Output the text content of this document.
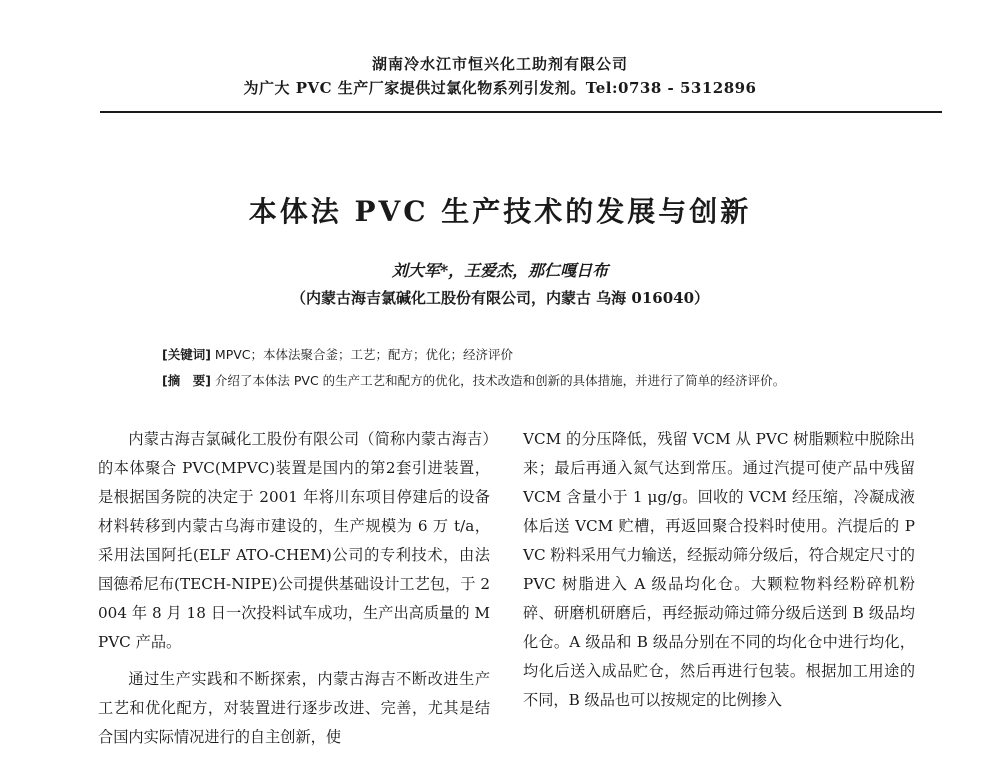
湖南冷水江市恒兴化工助剂有限公司
为广大 PVC 生产厂家提供过氯化物系列引发剂。Tel:0738 - 5312896
本体法 PVC 生产技术的发展与创新
刘大军*，王爱杰，那仁嘎日布
（内蒙古海吉氯碱化工股份有限公司，内蒙古 乌海 016040）
[关键词] MPVC；本体法聚合釜；工艺；配方；优化；经济评价
[摘　要] 介绍了本体法 PVC 的生产工艺和配方的优化，技术改造和创新的具体措施，并进行了简单的经济评价。

内蒙古海吉氯碱化工股份有限公司（简称内蒙古海吉）的本体聚合 PVC(MPVC)装置是国内的第2套引进装置，是根据国务院的决定于 2001 年将川东项目停建后的设备材料转移到内蒙古乌海市建设的，生产规模为 6 万 t/a，采用法国阿托(ELF ATO-CHEM)公司的专利技术，由法国德希尼布(TECH-NIPE)公司提供基础设计工艺包，于 2004 年 8 月 18 日一次投料试车成功，生产出高质量的 MPVC 产品。

通过生产实践和不断探索，内蒙古海吉不断改进生产工艺和优化配方，对装置进行逐步改进、完善，尤其是结合国内实际情况进行的自主创新，使

VCM 的分压降低，残留 VCM 从 PVC 树脂颗粒中脱除出来；最后再通入氮气达到常压。通过汽提可使产品中残留 VCM 含量小于 1 μg/g。回收的 VCM 经压缩，冷凝成液体后送 VCM 贮槽，再返回聚合投料时使用。汽提后的 PVC 粉料采用气力输送，经振动筛分级后，符合规定尺寸的 PVC 树脂进入 A 级品均化仓。大颗粒物料经粉碎机粉碎、研磨机研磨后，再经振动筛过筛分级后送到 B 级品均化仓。A 级品和 B 级品分别在不同的均化仓中进行均化，均化后送入成品贮仓，然后再进行包装。根据加工用途的不同，B 级品也可以按规定的比例掺入
